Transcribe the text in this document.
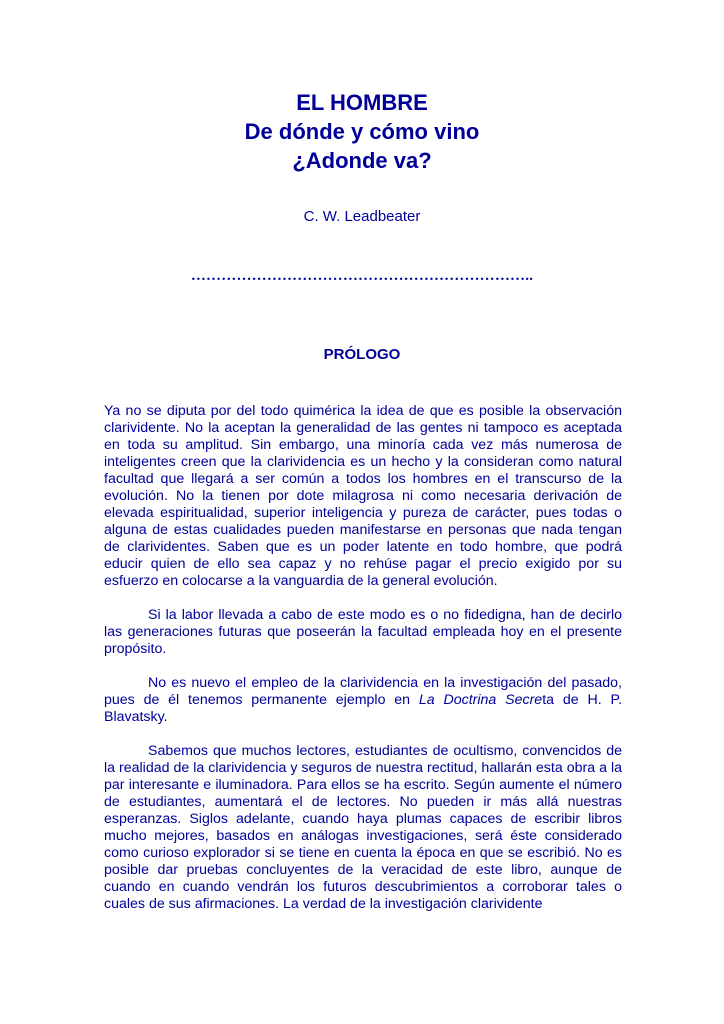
EL HOMBRE
De dónde y cómo vino
¿Adonde va?
C. W. Leadbeater
…………………………………………………………..
PRÓLOGO

Ya no se diputa por del todo quimérica la idea de que es posible la observación clarividente. No la aceptan la generalidad de las gentes ni tampoco es aceptada en toda su amplitud. Sin embargo, una minoría cada vez más numerosa de inteligentes creen que la clarividencia es un hecho y la consideran como natural facultad que llegará a ser común a todos los hombres en el transcurso de la evolución. No la tienen por dote milagrosa ni como necesaria derivación de elevada espiritualidad, superior inteligencia y pureza de carácter, pues todas o alguna de estas cualidades pueden manifestarse en personas que nada tengan de clarividentes. Saben que es un poder latente en todo hombre, que podrá educir quien de ello sea capaz y no rehúse pagar el precio exigido por su esfuerzo en colocarse a la vanguardia de la general evolución.

Si la labor llevada a cabo de este modo es o no fidedigna, han de decirlo las generaciones futuras que poseerán la facultad empleada hoy en el presente propósito.

No es nuevo el empleo de la clarividencia en la investigación del pasado, pues de él tenemos permanente ejemplo en La Doctrina Secreta de H. P. Blavatsky.

Sabemos que muchos lectores, estudiantes de ocultismo, convencidos de la realidad de la clarividencia y seguros de nuestra rectitud, hallarán esta obra a la par interesante e iluminadora. Para ellos se ha escrito. Según aumente el número de estudiantes, aumentará el de lectores. No pueden ir más allá nuestras esperanzas. Siglos adelante, cuando haya plumas capaces de escribir libros mucho mejores, basados en análogas investigaciones, será éste considerado como curioso explorador si se tiene en cuenta la época en que se escribió. No es posible dar pruebas concluyentes de la veracidad de este libro, aunque de cuando en cuando vendrán los futuros descubrimientos a corroborar tales o cuales de sus afirmaciones. La verdad de la investigación clarividente
